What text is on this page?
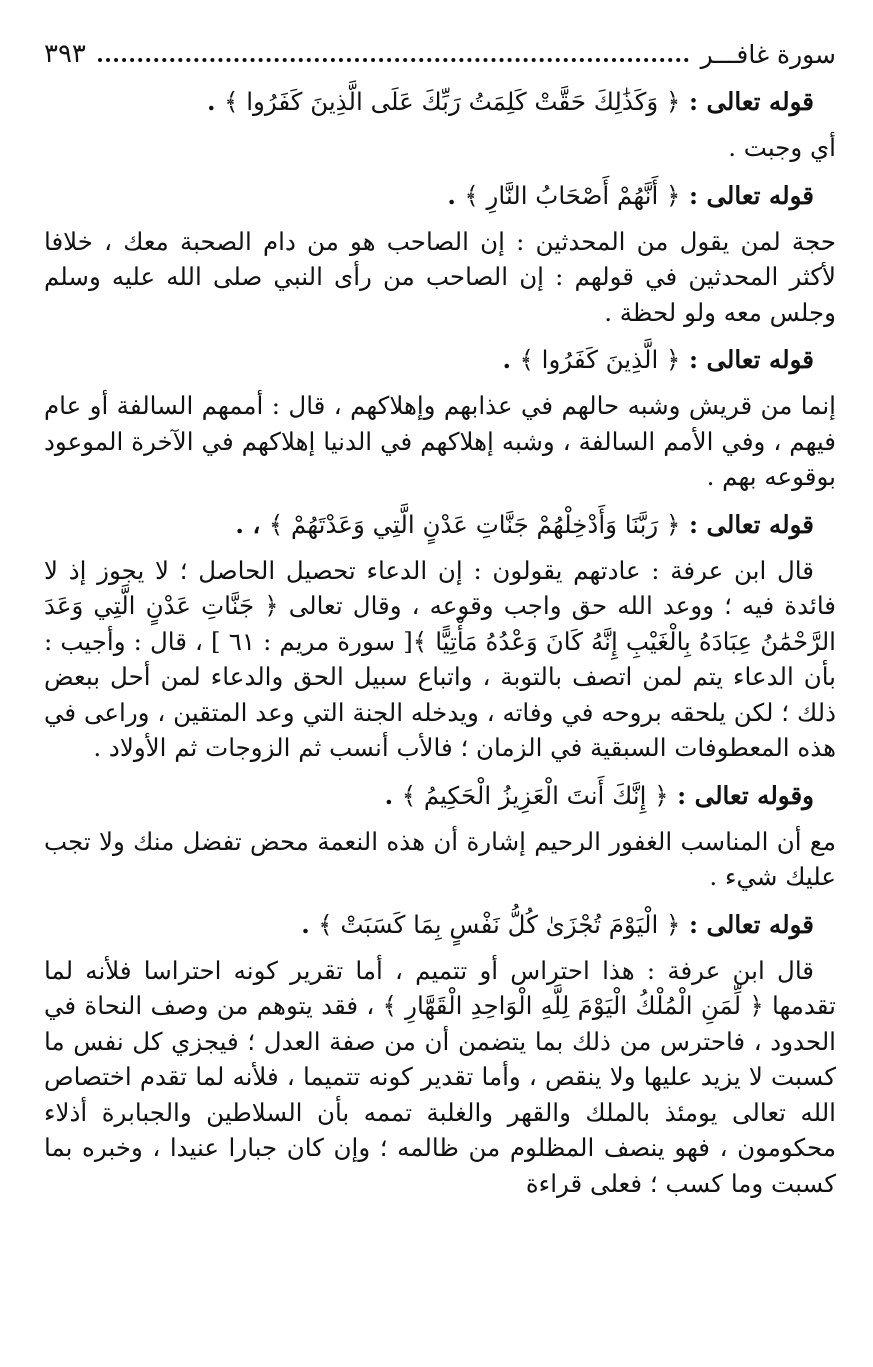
سورة غافـــر
٣٩٣

قوله تعالى : ﴿ وَكَذَٰلِكَ حَقَّتْ كَلِمَتُ رَبِّكَ عَلَى الَّذِينَ كَفَرُوا ﴾ .

أي وجبت .

قوله تعالى : ﴿ أَنَّهُمْ أَصْحَابُ النَّارِ ﴾ .

حجة لمن يقول من المحدثين : إن الصاحب هو من دام الصحبة معك ، خلافا لأكثر المحدثين في قولهم : إن الصاحب من رأى النبي صلى الله عليه وسلم وجلس معه ولو لحظة .

قوله تعالى : ﴿ الَّذِينَ كَفَرُوا ﴾ .

إنما من قريش وشبه حالهم في عذابهم وإهلاكهم ، قال : أممهم السالفة أو عام فيهم ، وفي الأمم السالفة ، وشبه إهلاكهم في الدنيا إهلاكهم في الآخرة الموعود بوقوعه بهم .

قوله تعالى : ﴿ رَبَّنَا وَأَدْخِلْهُمْ جَنَّاتِ عَدْنٍ الَّتِي وَعَدْتَهُمْ ﴾ ، .

قال ابن عرفة : عادتهم يقولون : إن الدعاء تحصيل الحاصل ؛ لا يجوز إذ لا فائدة فيه ؛ ووعد الله حق واجب وقوعه ، وقال تعالى ﴿ جَنَّاتِ عَدْنٍ الَّتِي وَعَدَ الرَّحْمَٰنُ عِبَادَهُ بِالْغَيْبِ إِنَّهُ كَانَ وَعْدُهُ مَأْتِيًّا ﴾[ سورة مريم : ٦١ ] ، قال : وأجيب : بأن الدعاء يتم لمن اتصف بالتوبة ، واتباع سبيل الحق والدعاء لمن أحل ببعض ذلك ؛ لكن يلحقه بروحه في وفاته ، ويدخله الجنة التي وعد المتقين ، وراعى في هذه المعطوفات السبقية في الزمان ؛ فالأب أنسب ثم الزوجات ثم الأولاد .

وقوله تعالى : ﴿ إِنَّكَ أَنتَ الْعَزِيزُ الْحَكِيمُ ﴾ .

مع أن المناسب الغفور الرحيم إشارة أن هذه النعمة محض تفضل منك ولا تجب عليك شيء .

قوله تعالى : ﴿ الْيَوْمَ تُجْزَىٰ كُلُّ نَفْسٍ بِمَا كَسَبَتْ ﴾ .

قال ابن عرفة : هذا احتراس أو تتميم ، أما تقرير كونه احتراسا فلأنه لما تقدمها ﴿ لِّمَنِ الْمُلْكُ الْيَوْمَ لِلَّهِ الْوَاحِدِ الْقَهَّارِ ﴾ ، فقد يتوهم من وصف النحاة في الحدود ، فاحترس من ذلك بما يتضمن أن من صفة العدل ؛ فيجزي كل نفس ما كسبت لا يزيد عليها ولا ينقص ، وأما تقدير كونه تتميما ، فلأنه لما تقدم اختصاص الله تعالى يومئذ بالملك والقهر والغلبة تممه بأن السلاطين والجبابرة أذلاء محكومون ، فهو ينصف المظلوم من ظالمه ؛ وإن كان جبارا عنيدا ، وخبره بما كسبت وما كسب ؛ فعلى قراءة
